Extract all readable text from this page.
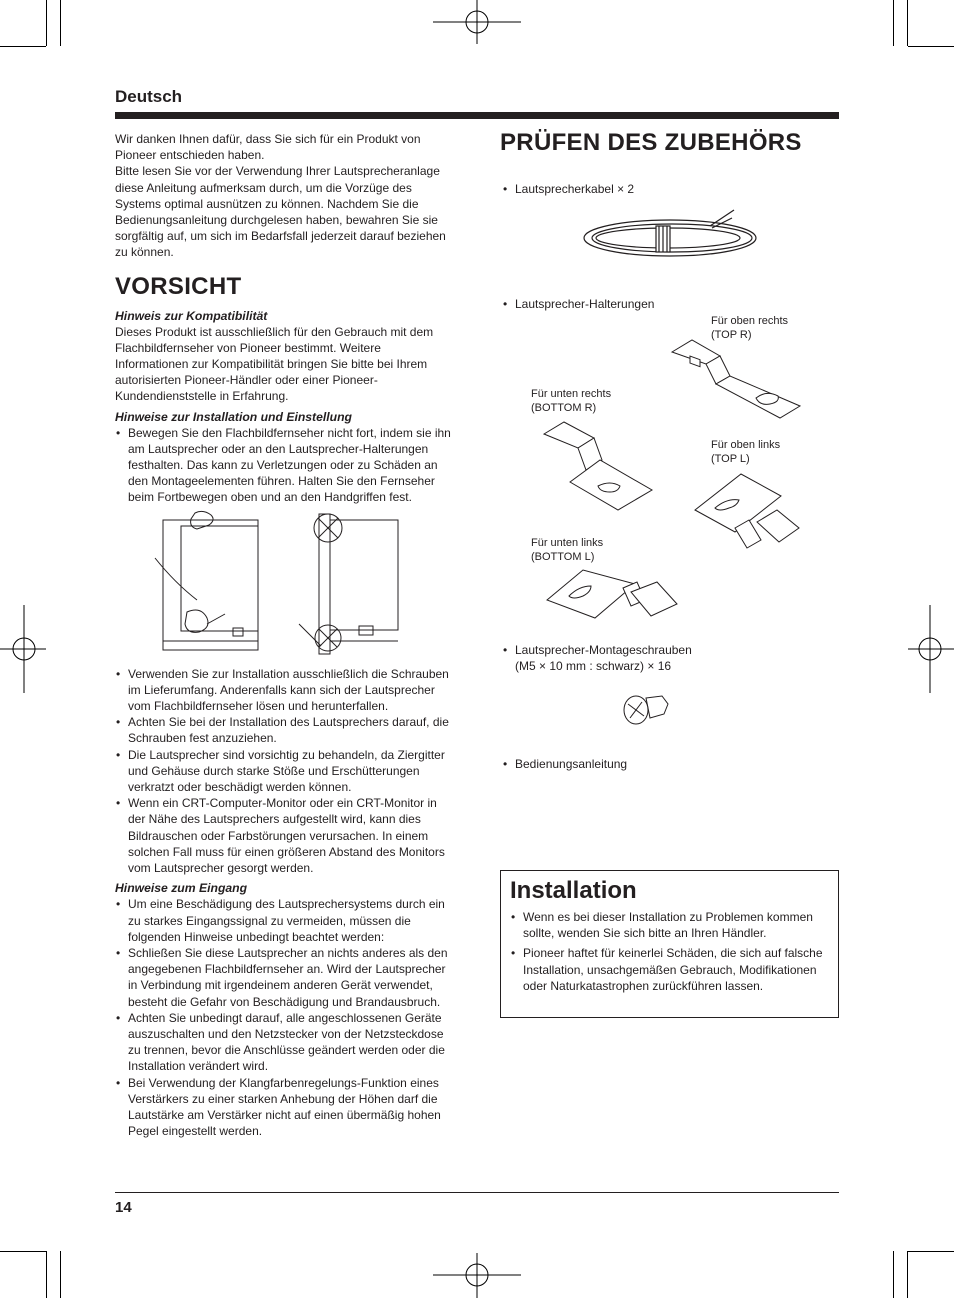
Deutsch

Wir danken Ihnen dafür, dass Sie sich für ein Produkt von Pioneer entschieden haben.

Bitte lesen Sie vor der Verwendung Ihrer Lautsprecheranlage diese Anleitung aufmerksam durch, um die Vorzüge des Systems optimal ausnützen zu können. Nachdem Sie die Bedienungsanleitung durchgelesen haben, bewahren Sie sie sorgfältig auf, um sich im Bedarfsfall jederzeit darauf beziehen zu können.

VORSICHT
Hinweis zur Kompatibilität

Dieses Produkt ist ausschließlich für den Gebrauch mit dem Flachbildfernseher von Pioneer bestimmt. Weitere Informationen zur Kompatibilität bringen Sie bitte bei Ihrem autorisierten Pioneer-Händler oder einer Pioneer-Kundendienststelle in Erfahrung.

Hinweise zur Installation und Einstellung
• Bewegen Sie den Flachbildfernseher nicht fort, indem sie ihn am Lautsprecher oder an den Lautsprecher-Halterungen festhalten. Das kann zu Verletzungen oder zu Schäden an den Montageelementen führen. Halten Sie den Fernseher beim Fortbewegen oben und an den Handgriffen fest.
• Verwenden Sie zur Installation ausschließlich die Schrauben im Lieferumfang. Anderenfalls kann sich der Lautsprecher vom Flachbildfernseher lösen und herunterfallen.
• Achten Sie bei der Installation des Lautsprechers darauf, die Schrauben fest anzuziehen.
• Die Lautsprecher sind vorsichtig zu behandeln, da Ziergitter und Gehäuse durch starke Stöße und Erschütterungen verkratzt oder beschädigt werden können.
• Wenn ein CRT-Computer-Monitor oder ein CRT-Monitor in der Nähe des Lautsprechers aufgestellt wird, kann dies Bildrauschen oder Farbstörungen verursachen. In einem solchen Fall muss für einen größeren Abstand des Monitors vom Lautsprecher gesorgt werden.
Hinweise zum Eingang
• Um eine Beschädigung des Lautsprechersystems durch ein zu starkes Eingangssignal zu vermeiden, müssen die folgenden Hinweise unbedingt beachtet werden:
• Schließen Sie diese Lautsprecher an nichts anderes als den angegebenen Flachbildfernseher an. Wird der Lautsprecher in Verbindung mit irgendeinem anderen Gerät verwendet, besteht die Gefahr von Beschädigung und Brandausbruch.
• Achten Sie unbedingt darauf, alle angeschlossenen Geräte auszuschalten und den Netzstecker von der Netzsteckdose zu trennen, bevor die Anschlüsse geändert werden oder die Installation verändert wird.
• Bei Verwendung der Klangfarbenregelungs-Funktion eines Verstärkers zu einer starken Anhebung der Höhen darf die Lautstärke am Verstärker nicht auf einen übermäßig hohen Pegel eingestellt werden.
PRÜFEN DES ZUBEHÖRS
• Lautsprecherkabel × 2
• Lautsprecher-Halterungen
Für oben rechts
(TOP R)
Für unten rechts
(BOTTOM R)
Für oben links
(TOP L)
Für unten links
(BOTTOM L)
• Lautsprecher-Montageschrauben
(M5 × 10 mm : schwarz) × 16
• Bedienungsanleitung
Installation
• Wenn es bei dieser Installation zu Problemen kommen sollte, wenden Sie sich bitte an Ihren Händler.
• Pioneer haftet für keinerlei Schäden, die sich auf falsche Installation, unsachgemäßen Gebrauch, Modifikationen oder Naturkatastrophen zurückführen lassen.
14
